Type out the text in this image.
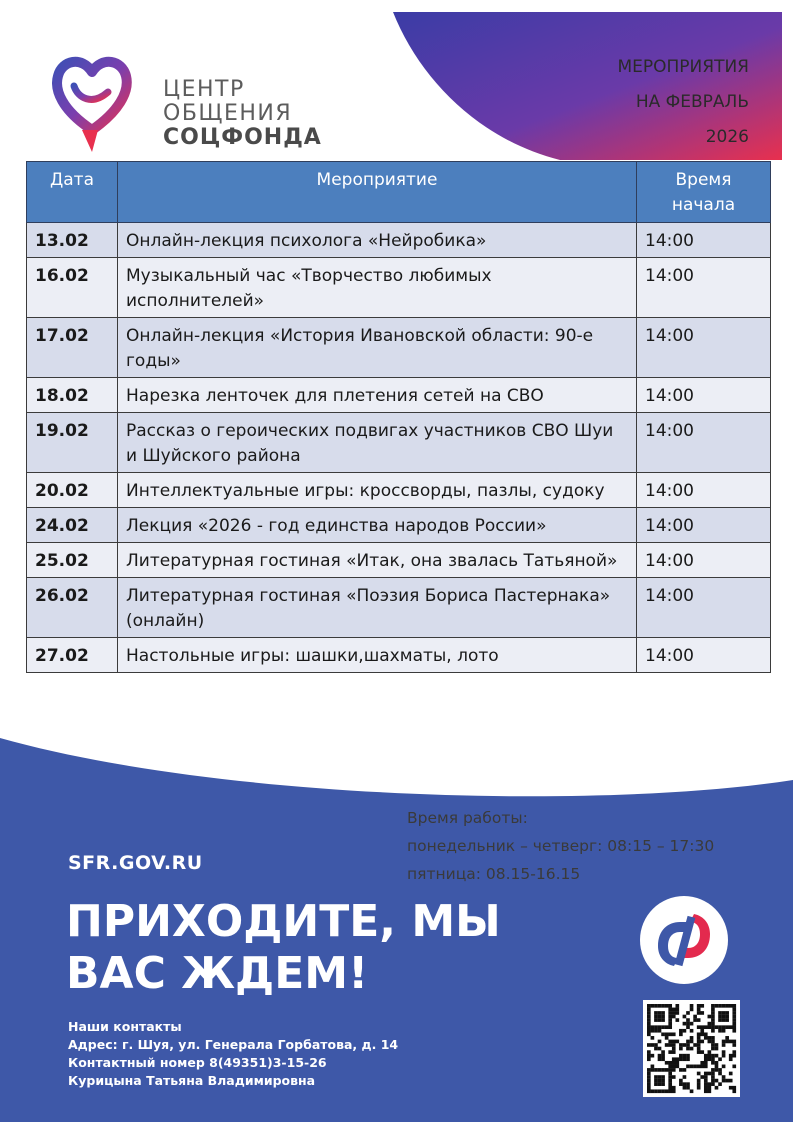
ЦЕНТР
ОБЩЕНИЯ
СОЦФОНДА
МЕРОПРИЯТИЯ
НА ФЕВРАЛЬ
2026
Дата	Мероприятие	Время начала
13.02	Онлайн-лекция психолога «Нейробика»	14:00
16.02	Музыкальный час «Творчество любимых исполнителей»	14:00
17.02	Онлайн-лекция «История Ивановской области: 90-е годы»	14:00
18.02	Нарезка ленточек для плетения сетей на СВО	14:00
19.02	Рассказ о героических подвигах участников СВО Шуи и Шуйского района	14:00
20.02	Интеллектуальные игры: кроссворды, пазлы, судоку	14:00
24.02	Лекция «2026 - год единства народов России»	14:00
25.02	Литературная гостиная «Итак, она звалась Татьяной»	14:00
26.02	Литературная гостиная «Поэзия Бориса Пастернака» (онлайн)	14:00
27.02	Настольные игры: шашки,шахматы, лото	14:00
Время работы:
понедельник – четверг: 08:15 – 17:30
пятница: 08.15-16.15
SFR.GOV.RU
ПРИХОДИТЕ, МЫ
ВАС ЖДЕМ!
Наши контакты
Адрес: г. Шуя, ул. Генерала Горбатова, д. 14
Контактный номер 8(49351)3-15-26
Курицына Татьяна Владимировна
